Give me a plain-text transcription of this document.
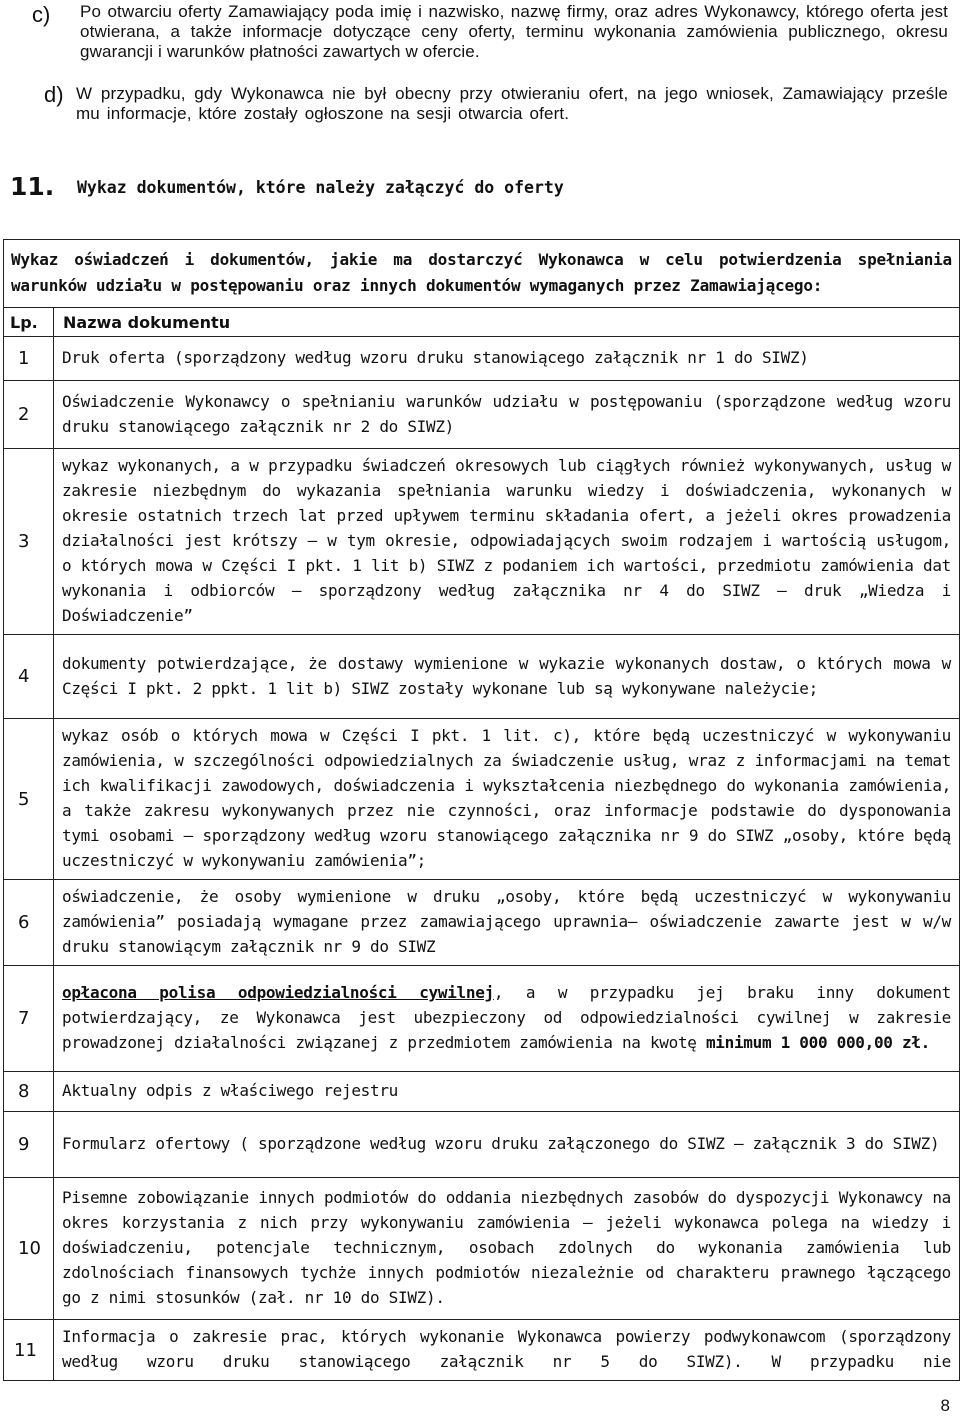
c) Po otwarciu oferty Zamawiający poda imię i nazwisko, nazwę firmy, oraz adres Wykonawcy, którego oferta jest otwierana, a także informacje dotyczące ceny oferty, terminu wykonania zamówienia publicznego, okresu gwarancji i warunków płatności zawartych w ofercie.
d) W przypadku, gdy Wykonawca nie był obecny przy otwieraniu ofert, na jego wniosek, Zamawiający prześle mu informacje, które zostały ogłoszone na sesji otwarcia ofert.
11. Wykaz dokumentów, które należy załączyć do oferty
Wykaz oświadczeń i dokumentów, jakie ma dostarczyć Wykonawca w celu potwierdzenia spełniania warunków udziału w postępowaniu oraz innych dokumentów wymaganych przez Zamawiającego:	
Lp.	Nazwa dokumentu
1	Druk oferta (sporządzony według wzoru druku stanowiącego załącznik nr 1 do SIWZ)
2	Oświadczenie Wykonawcy o spełnianiu warunków udziału w postępowaniu (sporządzone według wzoru druku stanowiącego załącznik nr 2 do SIWZ)
3	wykaz wykonanych, a w przypadku świadczeń okresowych lub ciągłych również wykonywanych, usług w zakresie niezbędnym do wykazania spełniania warunku wiedzy i doświadczenia, wykonanych w okresie ostatnich trzech lat przed upływem terminu składania ofert, a jeżeli okres prowadzenia działalności jest krótszy – w tym okresie, odpowiadających swoim rodzajem i wartością usługom, o których mowa w Części I pkt. 1 lit b) SIWZ z podaniem ich wartości, przedmiotu zamówienia dat wykonania i odbiorców – sporządzony według załącznika nr 4 do SIWZ – druk „Wiedza i Doświadczenie”
4	dokumenty potwierdzające, że dostawy wymienione w wykazie wykonanych dostaw, o których mowa w Części I pkt. 2 ppkt. 1 lit b) SIWZ zostały wykonane lub są wykonywane należycie;
5	wykaz osób o których mowa w Części I pkt. 1 lit. c), które będą uczestniczyć w wykonywaniu zamówienia, w szczególności odpowiedzialnych za świadczenie usług, wraz z informacjami na temat ich kwalifikacji zawodowych, doświadczenia i wykształcenia niezbędnego do wykonania zamówienia, a także zakresu wykonywanych przez nie czynności, oraz informacje podstawie do dysponowania tymi osobami – sporządzony według wzoru stanowiącego załącznika nr 9 do SIWZ „osoby, które będą uczestniczyć w wykonywaniu zamówienia”;
6	oświadczenie, że osoby wymienione w druku „osoby, które będą uczestniczyć w wykonywaniu zamówienia” posiadają wymagane przez zamawiającego uprawnia– oświadczenie zawarte jest w w/w druku stanowiącym załącznik nr 9 do SIWZ
7	opłacona polisa odpowiedzialności cywilnej, a w przypadku jej braku inny dokument potwierdzający, ze Wykonawca jest ubezpieczony od odpowiedzialności cywilnej w zakresie prowadzonej działalności związanej z przedmiotem zamówienia na kwotę minimum 1 000 000,00 zł.
8	Aktualny odpis z właściwego rejestru
9	Formularz ofertowy ( sporządzone według wzoru druku załączonego do SIWZ – załącznik 3 do SIWZ)
10	Pisemne zobowiązanie innych podmiotów do oddania niezbędnych zasobów do dyspozycji Wykonawcy na okres korzystania z nich przy wykonywaniu zamówienia – jeżeli wykonawca polega na wiedzy i doświadczeniu, potencjale technicznym, osobach zdolnych do wykonania zamówienia lub zdolnościach finansowych tychże innych podmiotów niezależnie od charakteru prawnego łączącego go z nimi stosunków (zał. nr 10 do SIWZ).
11	Informacja o zakresie prac, których wykonanie Wykonawca powierzy podwykonawcom (sporządzony według wzoru druku stanowiącego załącznik nr 5 do SIWZ). W przypadku nie
8
